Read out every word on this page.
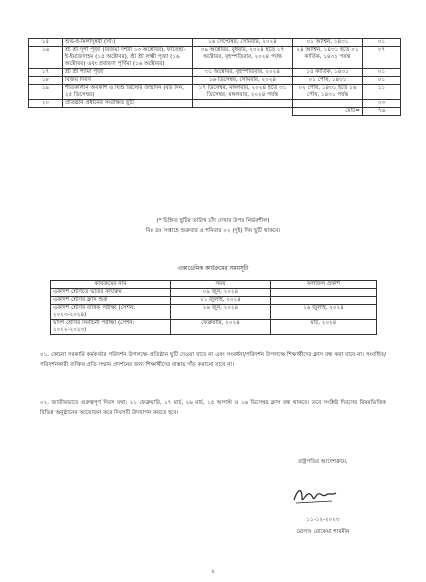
১৫	শুভ-ই-মিলাদুন্নবী (সা:)	১৬ সেপ্টেম্বর, সোমবার, ২০২৪	০১ আশ্বিন, ১৪৩১	০১
১৬	শ্রী শ্রী দূর্গা পূজা (বিজয়া দশমী ১৩ অক্টোবর), ফাতেহা-ই-ইয়াজদাহম (১৫ অক্টোবর), শ্রী শ্রী লক্ষ্মী পূজা (১৬ অক্টোবর) এবং প্রবারণা পূর্ণিমা (১৬ অক্টোবর)	০৯ অক্টোবর, বুধবার, ২০২৪ হতে ১৭ অক্টোবর, বৃহস্পতিবার, ২০২৪ পর্যন্ত	২৪ আশ্বিন, ১৪৩১ হতে ০১ কার্তিক, ১৪৩১ পর্যন্ত	০৭
১৭	শ্রী শ্রী শ্যামা পূজা	৩১ অক্টোবর, বৃহস্পতিবার, ২০২৪	১৫ কার্তিক, ১৪৩১	০১
১৮	বিজয় দিবস	১৬ ডিসেম্বর, সোমবার, ২০২৪	০১ পৌষ, ১৪৩১	০১
১৯	শীতকালীন অবকাশ ও যিশু খ্রিস্টের জন্মদিন (বড় দিন, ২৫ ডিসেম্বর)	১৭ ডিসেম্বর, মঙ্গলবার, ২০২৪ হতে ৩১ ডিসেম্বর, মঙ্গলবার, ২০২৪ পর্যন্ত	০২ পৌষ, ১৪৩১ হতে ১৬ পৌষ, ১৪৩১ পর্যন্ত	১১
২০	প্রতিষ্ঠান প্রধানের সংরক্ষিত ছুটি			০৩
			মোট=	৭৬
(* চিহ্নিত ছুটির তারিখ চাঁদ দেখার উপর নির্ভরশীল)
বিঃ দ্রঃ সপ্তাহে শুক্রবার ও শনিবার ০২ (দুই) দিন ছুটি থাকবে।
একাডেমিক কার্যক্রমের সময়সূচী
কার্যক্রমের নাম	সময়	ফলাফল প্রকাশ
একাদশ শ্রেণিতে ভর্তির কার্যক্রম	০৯ জুন, ২০২৪	
একাদশ শ্রেণির ক্লাস শুরু	২১ জুলাই, ২০২৪	
একাদশ শ্রেণির বার্ষিক পরীক্ষা (সেশন: ২০২৩-২০২৪)	২৬ জুন, ২০২৪	১৬ জুলাই, ২০২৪
দ্বাদশ শ্রেণির নির্বাচনী পরীক্ষা (সেশন: ২০২২-২০২৩)	ফেব্রুয়ারি, ২০২৪	মার্চ, ২০২৪
০১. কোনো সরকারি কর্মকর্তার পরিদর্শন উপলক্ষে প্রতিষ্ঠান ছুটি দেওয়া যাবে না এবং সংবর্ধনা/পরিদর্শন উপলক্ষে শিক্ষার্থীদের ক্লাস বন্ধ করা যাবে না। সংবর্ধিত/পরিদর্শনকারী ব্যক্তির প্রতি সম্মান প্রদর্শনের জন্য শিক্ষার্থীদের রাস্তায় দাঁড় করানো যাবে না।
০২. জাতীয়ভাবে গুরুত্বপূর্ণ দিবস যথা: ২১ ফেব্রুয়ারি, ১৭ মার্চ, ২৬ মার্চ, ১৫ আগস্ট ও ১৬ ডিসেম্বর ক্লাস বন্ধ থাকবে। তবে সংশ্লিষ্ট দিবসের বিষয়ভিত্তিক বিভিন্ন অনুষ্ঠানের আয়োজন করে দিবসটি উদযাপন করতে হবে।
রাষ্ট্রপতির আদেশক্রমে,
১১-১২-২০২৩
মোসাঃ রোকেয়া শারমীন
২
